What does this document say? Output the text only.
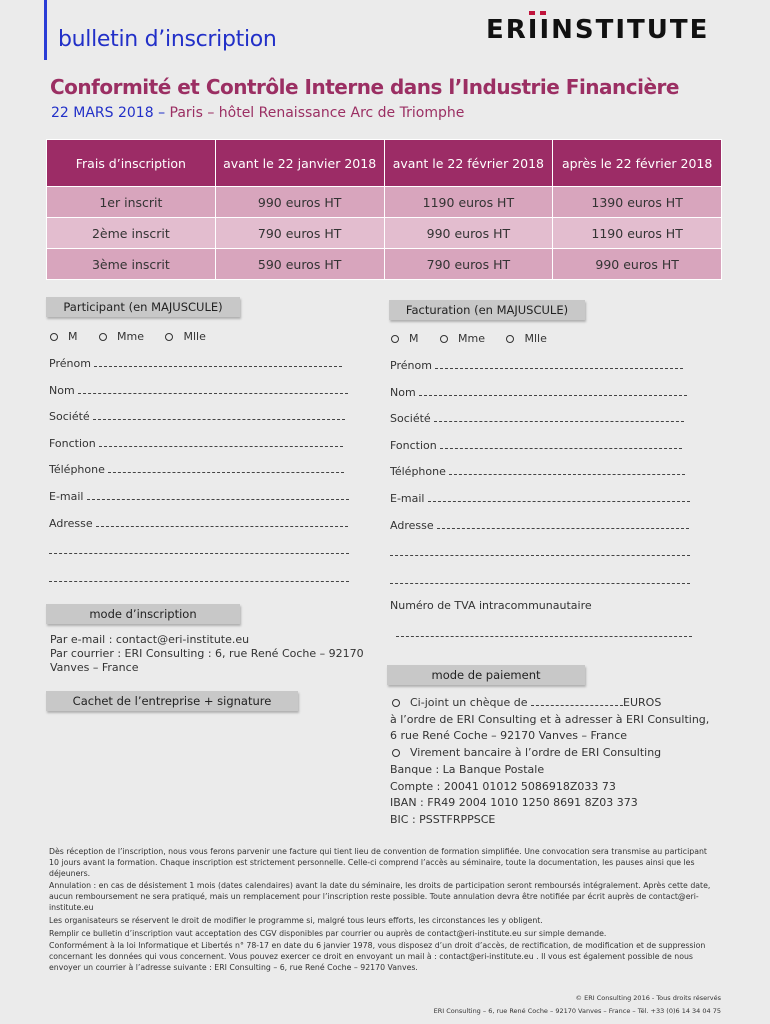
bulletin d’inscription	ERI
I
NSTITUTE
Conformité et Contrôle Interne dans l’Industrie Financière
22 MARS 2018 – Paris – hôtel Renaissance Arc de Triomphe
Frais d’inscription	avant le 22 janvier 2018	avant le 22 février 2018	après le 22 février 2018
1er inscrit	990 euros HT	1190 euros HT	1390 euros HT
2ème inscrit	790 euros HT	990 euros HT	1190 euros HT
3ème inscrit	590 euros HT	790 euros HT	990 euros HT
Participant (en MAJUSCULE)
M	Mme	Mlle
Prénom
Nom
Société
Fonction
Téléphone
E-mail
Adresse
Facturation (en MAJUSCULE)
M	Mme	Mlle
Prénom
Nom
Société
Fonction
Téléphone
E-mail
Adresse
Numéro de TVA intracommunautaire
mode d’inscription
Par e-mail : contact@eri-institute.eu
Par courrier : ERI Consulting : 6, rue René Coche – 92170
Vanves – France
Cachet de l’entreprise + signature
mode de paiement
Ci-joint un chèque de	EUROS
à l’ordre de ERI Consulting et à adresser à ERI Consulting,
6 rue René Coche – 92170 Vanves – France
Virement bancaire à l’ordre de ERI Consulting
Banque : La Banque Postale
Compte : 20041 01012 5086918Z033 73
IBAN : FR49 2004 1010 1250 8691 8Z03 373
BIC : PSSTFRPPSCE
Dès réception de l’inscription, nous vous ferons parvenir une facture qui tient lieu de convention de formation simplifiée. Une convocation sera transmise au participant 10 jours avant la formation. Chaque inscription est strictement personnelle. Celle-ci comprend l’accès au séminaire, toute la documentation, les pauses ainsi que les déjeuners.
Annulation : en cas de désistement 1 mois (dates calendaires) avant la date du séminaire, les droits de participation seront remboursés intégralement. Après cette date, aucun remboursement ne sera pratiqué, mais un remplacement pour l’inscription reste possible. Toute annulation devra être notifiée par écrit auprès de contact@eri-institute.eu
Les organisateurs se réservent le droit de modifier le programme si, malgré tous leurs efforts, les circonstances les y obligent.
Remplir ce bulletin d’inscription vaut acceptation des CGV disponibles par courrier ou auprès de contact@eri-institute.eu sur simple demande.
Conformément à la loi Informatique et Libertés n° 78-17 en date du 6 janvier 1978, vous disposez d’un droit d’accès, de rectification, de modification et de suppression concernant les données qui vous concernent. Vous pouvez exercer ce droit en envoyant un mail à : contact@eri-institute.eu . Il vous est également possible de nous envoyer un courrier à l’adresse suivante : ERI Consulting – 6, rue René Coche – 92170 Vanves.
© ERI Consulting 2016 - Tous droits réservés
ERI Consulting – 6, rue René Coche – 92170 Vanves – France – Tél. +33 (0)6 14 34 04 75
